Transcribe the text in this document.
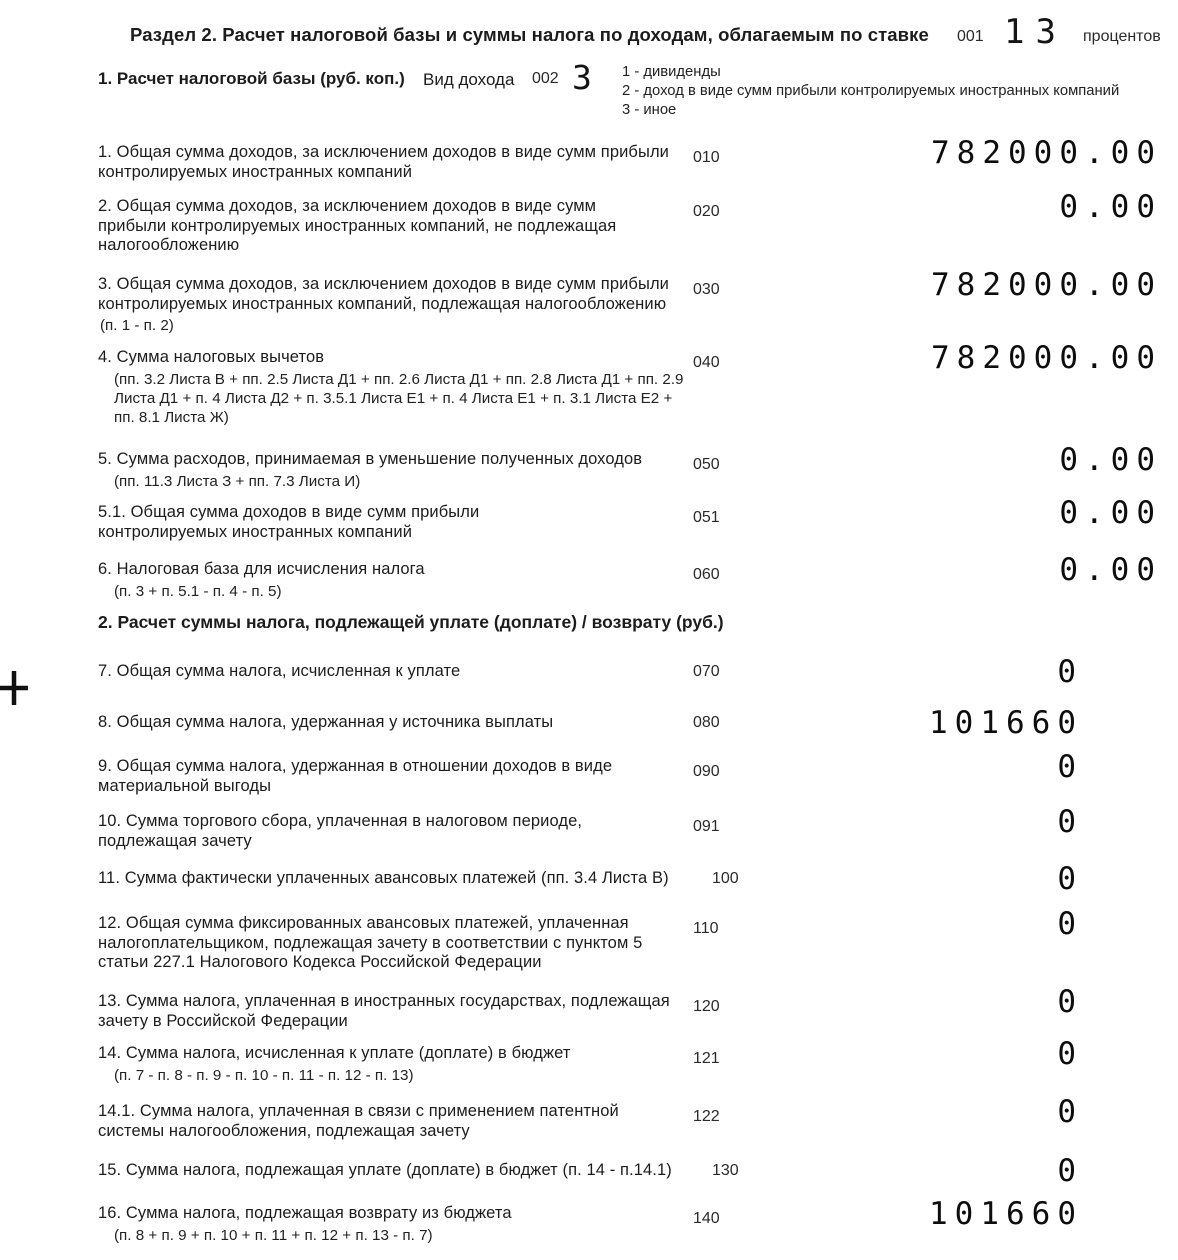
Раздел 2. Расчет налоговой базы и суммы налога по доходам, облагаемым по ставке 001 13 процентов
1. Расчет налоговой базы (руб. коп.) Вид дохода 002 3 1 - дивиденды
2 - доход в виде сумм прибыли контролируемых иностранных компаний
3 - иное
1. Общая сумма доходов, за исключением доходов в виде сумм прибыли контролируемых иностранных компаний
010	782000.00
2. Общая сумма доходов, за исключением доходов в виде сумм прибыли контролируемых иностранных компаний, не подлежащая налогообложению
020	0.00
3. Общая сумма доходов, за исключением доходов в виде сумм прибыли контролируемых иностранных компаний, подлежащая налогообложению
(п. 1 - п. 2)
030	782000.00
4. Сумма налоговых вычетов
(пп. 3.2 Листа В + пп. 2.5 Листа Д1 + пп. 2.6 Листа Д1 + пп. 2.8 Листа Д1 + пп. 2.9 Листа Д1 + п. 4 Листа Д2 + п. 3.5.1 Листа Е1 + п. 4 Листа Е1 + п. 3.1 Листа Е2 + пп. 8.1 Листа Ж)
040	782000.00
5. Сумма расходов, принимаемая в уменьшение полученных доходов
(пп. 11.3 Листа З + пп. 7.3 Листа И)
050	0.00
5.1. Общая сумма доходов в виде сумм прибыли контролируемых иностранных компаний
051	0.00
6. Налоговая база для исчисления налога
(п. 3 + п. 5.1 - п. 4 - п. 5)
060	0.00
2. Расчет суммы налога, подлежащей уплате (доплате) / возврату (руб.)
7. Общая сумма налога, исчисленная к уплате	070	0
8. Общая сумма налога, удержанная у источника выплаты	080	101660
9. Общая сумма налога, удержанная в отношении доходов в виде материальной выгоды
090	0
10. Сумма торгового сбора, уплаченная в налоговом периоде, подлежащая зачету
091	0
11. Сумма фактически уплаченных авансовых платежей (пп. 3.4 Листа В)	100	0
12. Общая сумма фиксированных авансовых платежей, уплаченная налогоплательщиком, подлежащая зачету в соответствии с пунктом 5 статьи 227.1 Налогового Кодекса Российской Федерации
110	0
13. Сумма налога, уплаченная в иностранных государствах, подлежащая зачету в Российской Федерации
120	0
14. Сумма налога, исчисленная к уплате (доплате) в бюджет
(п. 7 - п. 8 - п. 9 - п. 10 - п. 11 - п. 12 - п. 13)
121	0
14.1. Сумма налога, уплаченная в связи с применением патентной системы налогообложения, подлежащая зачету
122	0
15. Сумма налога, подлежащая уплате (доплате) в бюджет (п. 14 - п.14.1)	130	0
16. Сумма налога, подлежащая возврату из бюджета
(п. 8 + п. 9 + п. 10 + п. 11 + п. 12 + п. 13 - п. 7)
140	101660
